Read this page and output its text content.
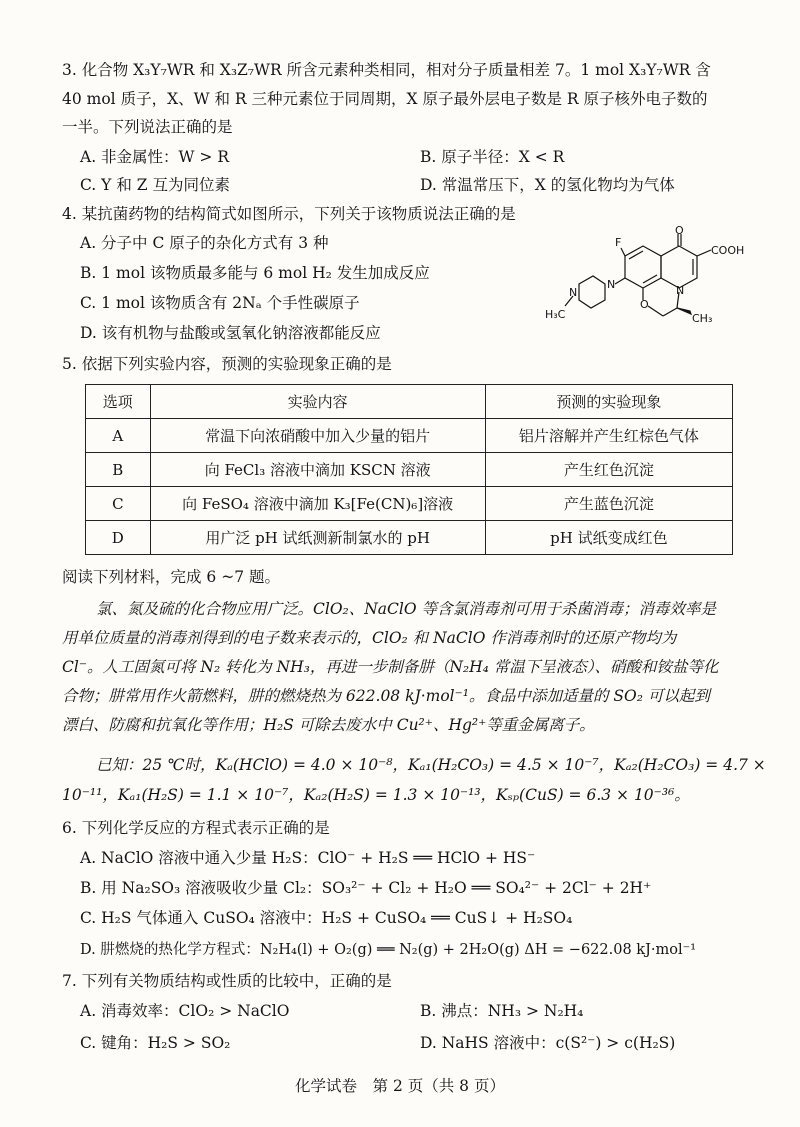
3. 化合物 X₃Y₇WR 和 X₃Z₇WR 所含元素种类相同，相对分子质量相差 7。1 mol X₃Y₇WR 含
40 mol 质子，X、W 和 R 三种元素位于同周期，X 原子最外层电子数是 R 原子核外电子数的
一半。下列说法正确的是
A. 非金属性：W > R	B. 原子半径：X < R
C. Y 和 Z 互为同位素	D. 常温常压下，X 的氢化物均为气体
4. 某抗菌药物的结构简式如图所示，下列关于该物质说法正确的是
A. 分子中 C 原子的杂化方式有 3 种
B. 1 mol 该物质最多能与 6 mol H₂ 发生加成反应
C. 1 mol 该物质含有 2Nₐ 个手性碳原子
D. 该有机物与盐酸或氢氧化钠溶液都能反应
F
O
COOH
N
N
N
O
H₃C	CH₃
5. 依据下列实验内容，预测的实验现象正确的是
选项	实验内容	预测的实验现象
A	常温下向浓硝酸中加入少量的铝片	铝片溶解并产生红棕色气体
B	向 FeCl₃ 溶液中滴加 KSCN 溶液	产生红色沉淀
C	向 FeSO₄ 溶液中滴加 K₃[Fe(CN)₆]溶液	产生蓝色沉淀
D	用广泛 pH 试纸测新制氯水的 pH	pH 试纸变成红色
阅读下列材料，完成 6 ~7 题。
氯、氮及硫的化合物应用广泛。ClO₂、NaClO 等含氯消毒剂可用于杀菌消毒；消毒效率是
用单位质量的消毒剂得到的电子数来表示的，ClO₂ 和 NaClO 作消毒剂时的还原产物均为
Cl⁻。人工固氮可将 N₂ 转化为 NH₃，再进一步制备肼（N₂H₄ 常温下呈液态）、硝酸和铵盐等化
合物；肼常用作火箭燃料，肼的燃烧热为 622.08 kJ·mol⁻¹。食品中添加适量的 SO₂ 可以起到
漂白、防腐和抗氧化等作用；H₂S 可除去废水中 Cu²⁺、Hg²⁺等重金属离子。
已知：25 ℃时，Kₐ(HClO) = 4.0 × 10⁻⁸，Kₐ₁(H₂CO₃) = 4.5 × 10⁻⁷，Kₐ₂(H₂CO₃) = 4.7 ×
10⁻¹¹，Kₐ₁(H₂S) = 1.1 × 10⁻⁷，Kₐ₂(H₂S) = 1.3 × 10⁻¹³，Kₛₚ(CuS) = 6.3 × 10⁻³⁶。
6. 下列化学反应的方程式表示正确的是
A. NaClO 溶液中通入少量 H₂S：ClO⁻ + H₂S ══ HClO + HS⁻
B. 用 Na₂SO₃ 溶液吸收少量 Cl₂：SO₃²⁻ + Cl₂ + H₂O ══ SO₄²⁻ + 2Cl⁻ + 2H⁺
C. H₂S 气体通入 CuSO₄ 溶液中：H₂S + CuSO₄ ══ CuS↓ + H₂SO₄
D. 肼燃烧的热化学方程式：N₂H₄(l) + O₂(g) ══ N₂(g) + 2H₂O(g) ΔH = −622.08 kJ·mol⁻¹
7. 下列有关物质结构或性质的比较中，正确的是
A. 消毒效率：ClO₂ > NaClO	B. 沸点：NH₃ > N₂H₄
C. 键角：H₂S > SO₂	D. NaHS 溶液中：c(S²⁻) > c(H₂S)
化学试卷　第 2 页（共 8 页）
